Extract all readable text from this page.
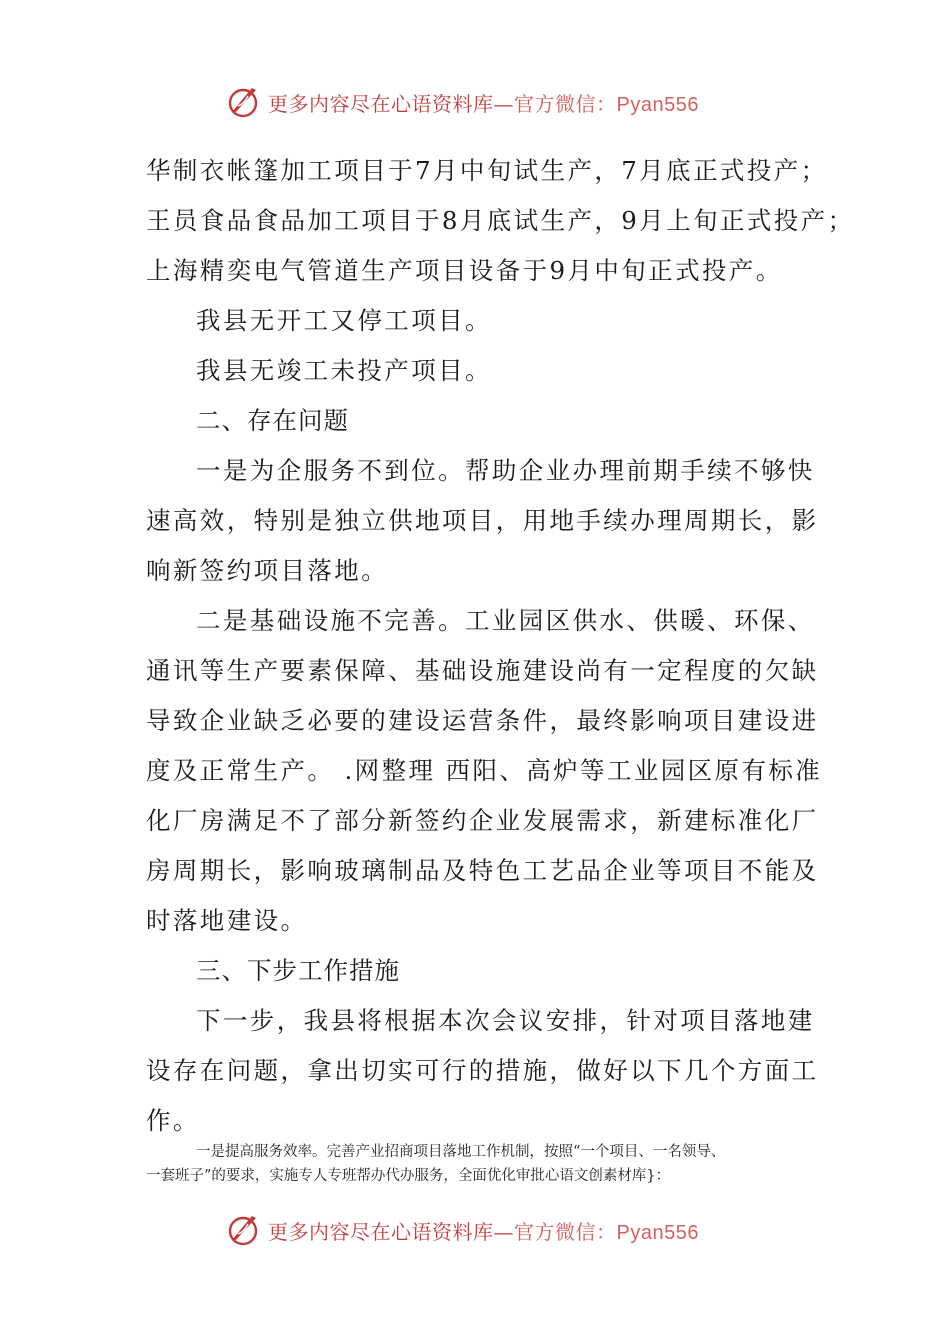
更多内容尽在心语资料库—官方微信：Pyan556
华制衣帐篷加工项目于7月中旬试生产，7月底正式投产；
王员食品食品加工项目于8月底试生产，9月上旬正式投产；
上海精奕电气管道生产项目设备于9月中旬正式投产。
我县无开工又停工项目。
我县无竣工未投产项目。
二、存在问题
一是为企服务不到位。帮助企业办理前期手续不够快
速高效，特别是独立供地项目，用地手续办理周期长，影
响新签约项目落地。
二是基础设施不完善。工业园区供水、供暖、环保、
通讯等生产要素保障、基础设施建设尚有一定程度的欠缺
导致企业缺乏必要的建设运营条件，最终影响项目建设进
度及正常生产。 .网整理 西阳、高炉等工业园区原有标准
化厂房满足不了部分新签约企业发展需求，新建标准化厂
房周期长，影响玻璃制品及特色工艺品企业等项目不能及
时落地建设。
三、下步工作措施
下一步，我县将根据本次会议安排，针对项目落地建
设存在问题，拿出切实可行的措施，做好以下几个方面工
作。
一是提高服务效率。完善产业招商项目落地工作机制，按照“一个项目、一名领导、
一套班子”的要求，实施专人专班帮办代办服务，全面优化审批心语文创素材库}：
更多内容尽在心语资料库—官方微信：Pyan556
